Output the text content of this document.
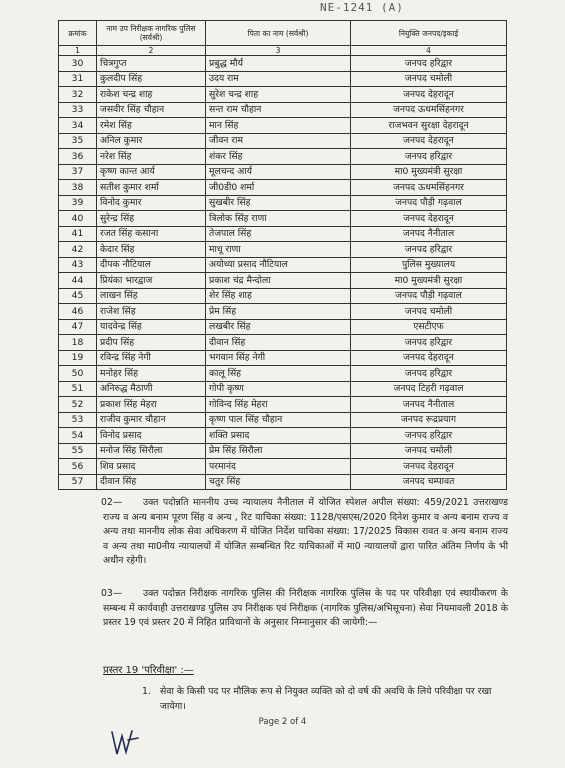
NE-1241 (A)
क्रमांक	नाम उप निरीक्षक नागरिक पुलिस (सर्वश्री)	पिता का नाम (सर्वश्री)	नियुक्ति जनपद/इकाई
1	2	3	4
30	चित्रगुप्त	प्रबुद्ध मौर्य	जनपद हरिद्वार
31	कुलदीप सिंह	उदय राम	जनपद चमोली
32	राकेश चन्द्र शाह	सुरेश चन्द्र शाह	जनपद देहरादून
33	जसवीर सिंह चौहान	सन्त राम चौहान	जनपद ऊधमसिंहनगर
34	रमेश सिंह	मान सिंह	राजभवन सुरक्षा देहरादून
35	अनिल कुमार	जीवन राम	जनपद देहरादून
36	नरेश सिंह	शंकर सिंह	जनपद हरिद्वार
37	कृष्ण कान्त आर्य	मूलचन्द आर्य	मा0 मुख्यमंत्री सुरक्षा
38	सतीश कुमार शर्मा	जी0डी0 शर्मा	जनपद ऊधमसिंहनगर
39	विनोद कुमार	सुखबीर सिंह	जनपद पौड़ी गढ़वाल
40	सुरेन्द्र सिंह	त्रिलोक सिंह राणा	जनपद देहरादून
41	रजत सिंह कसाना	तेजपाल सिंह	जनपद नैनीताल
42	केदार सिंह	माधू राणा	जनपद हरिद्वार
43	दीपक नौटियाल	अयोध्या प्रसाद नौटियाल	पुलिस मुख्यालय
44	प्रियंका भारद्वाज	प्रकाश चंद्र मैन्दोला	मा0 मुख्यमंत्री सुरक्षा
45	लाखन सिंह	शेर सिंह शाह	जनपद पौड़ी गढ़वाल
46	राजेश सिंह	प्रेम सिंह	जनपद चमोली
47	यादवेन्द्र सिंह	लखबीर सिंह	एसटीएफ
18	प्रदीप सिंह	दीवान सिंह	जनपद हरिद्वार
19	रविन्द्र सिंह नेगी	भगवान सिंह नेगी	जनपद देहरादून
50	मनोहर सिंह	कालू सिंह	जनपद हरिद्वार
51	अनिरुद्ध मैठाणी	गोपी कृष्ण	जनपद टिहरी गढ़वाल
52	प्रकाश सिंह मेहरा	गोविन्द सिंह मेहरा	जनपद नैनीताल
53	राजीव कुमार चौहान	कृष्ण पाल सिंह चौहान	जनपद रूद्रप्रयाग
54	विनोद प्रसाद	शक्ति प्रसाद	जनपद हरिद्वार
55	मनोज सिंह सिरौला	प्रेम सिंह सिरौला	जनपद चमोली
56	शिव प्रसाद	परमानंद	जनपद देहरादून
57	दीवान सिंह	चतुर सिंह	जनपद चम्पावत
02—	उक्त पदोन्नति माननीय उच्च न्यायालय नैनीताल में योजित स्पेशल अपील संख्या: 459/2021 उत्तराखण्ड राज्य व अन्य बनाम पूरण सिंह व अन्य , रिट याचिका संख्या: 1128/एसएस/2020 दिनेश कुमार व अन्य बनाम राज्य व अन्य तथा माननीय लोक सेवा अधिकरण में योजित निर्देश याचिका संख्या: 17/2025 विकास रावत व अन्य बनाम राज्य व अन्य तथा मा0नीय न्यायालयों में योजित सम्बन्धित रिट याचिकाओं में मा0 न्यायालयों द्वारा पारित अंतिम निर्णय के भी अधीन रहेगी।
03—	उक्त पदोन्नत निरीक्षक नागरिक पुलिस की निरीक्षक नागरिक पुलिस के पद पर परिवीक्षा एवं स्थायीकरण के सम्बन्ध में कार्यवाही उत्तराखण्ड पुलिस उप निरीक्षक एवं निरीक्षक (नागरिक पुलिस/अभिसूचना) सेवा नियमावली 2018 के प्रस्तर 19 एवं प्रस्तर 20 में निहित प्राविधानों के अनुसार निम्नानुसार की जायेगी:—
प्रस्तर 19 'परिवीक्षा' :—
1. सेवा के किसी पद पर मौलिक रूप से नियुक्त व्यक्ति को दो वर्ष की अवधि के लिये परिवीक्षा पर रखा जायेगा।
Page 2 of 4
